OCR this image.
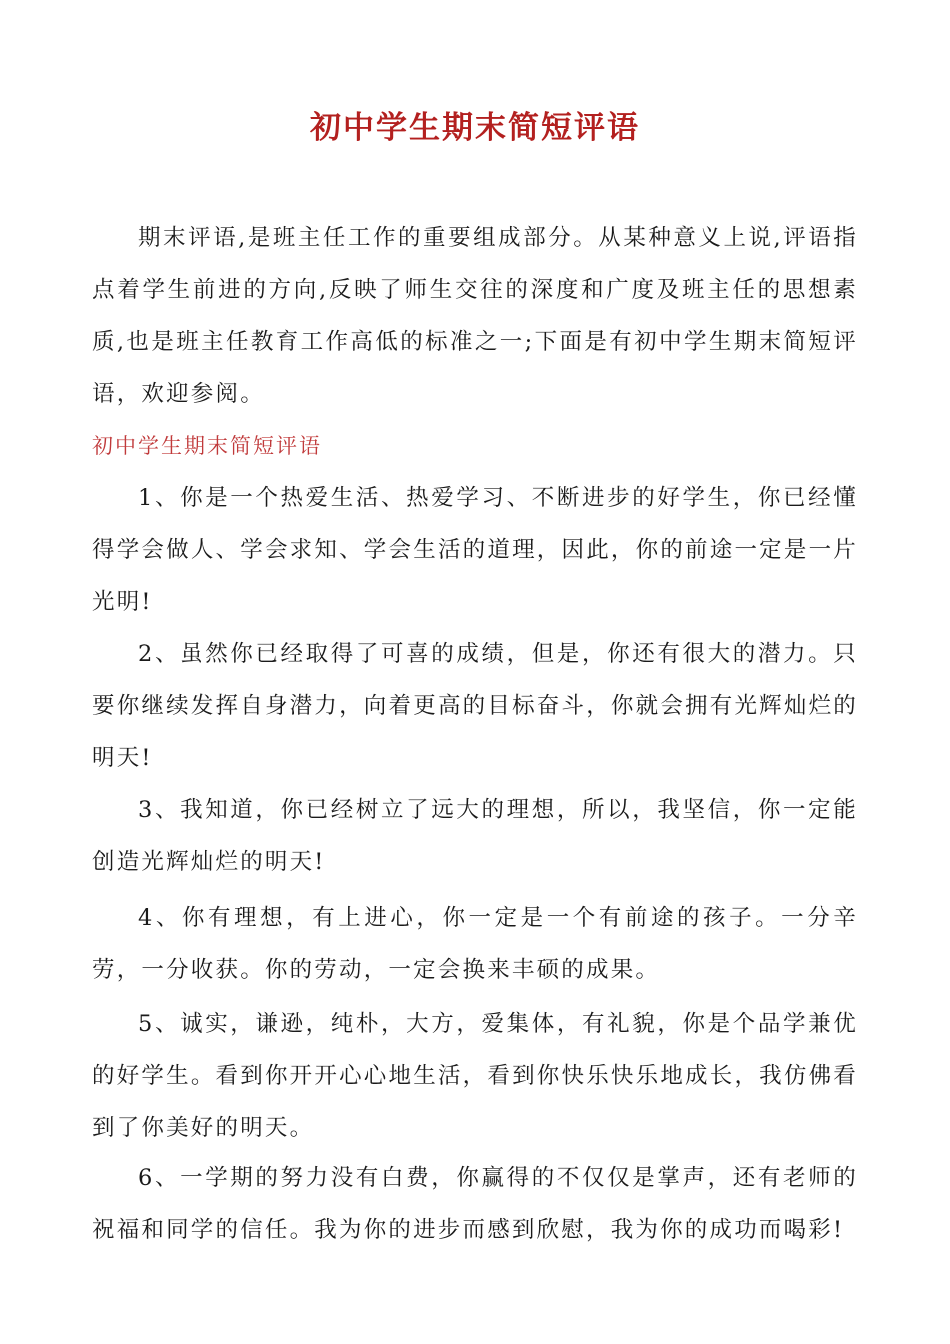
初中学生期末简短评语

期末评语,是班主任工作的重要组成部分。从某种意义上说,评语指点着学生前进的方向,反映了师生交往的深度和广度及班主任的思想素质,也是班主任教育工作高低的标准之一;下面是有初中学生期末简短评语，欢迎参阅。

初中学生期末简短评语

1、你是一个热爱生活、热爱学习、不断进步的好学生，你已经懂得学会做人、学会求知、学会生活的道理，因此，你的前途一定是一片光明!

2、虽然你已经取得了可喜的成绩，但是，你还有很大的潜力。只要你继续发挥自身潜力，向着更高的目标奋斗，你就会拥有光辉灿烂的明天!

3、我知道，你已经树立了远大的理想，所以，我坚信，你一定能创造光辉灿烂的明天!

4、你有理想，有上进心，你一定是一个有前途的孩子。一分辛劳，一分收获。你的劳动，一定会换来丰硕的成果。

5、诚实，谦逊，纯朴，大方，爱集体，有礼貌，你是个品学兼优的好学生。看到你开开心心地生活，看到你快乐快乐地成长，我仿佛看到了你美好的明天。

6、一学期的努力没有白费，你赢得的不仅仅是掌声，还有老师的祝福和同学的信任。我为你的进步而感到欣慰，我为你的成功而喝彩!
